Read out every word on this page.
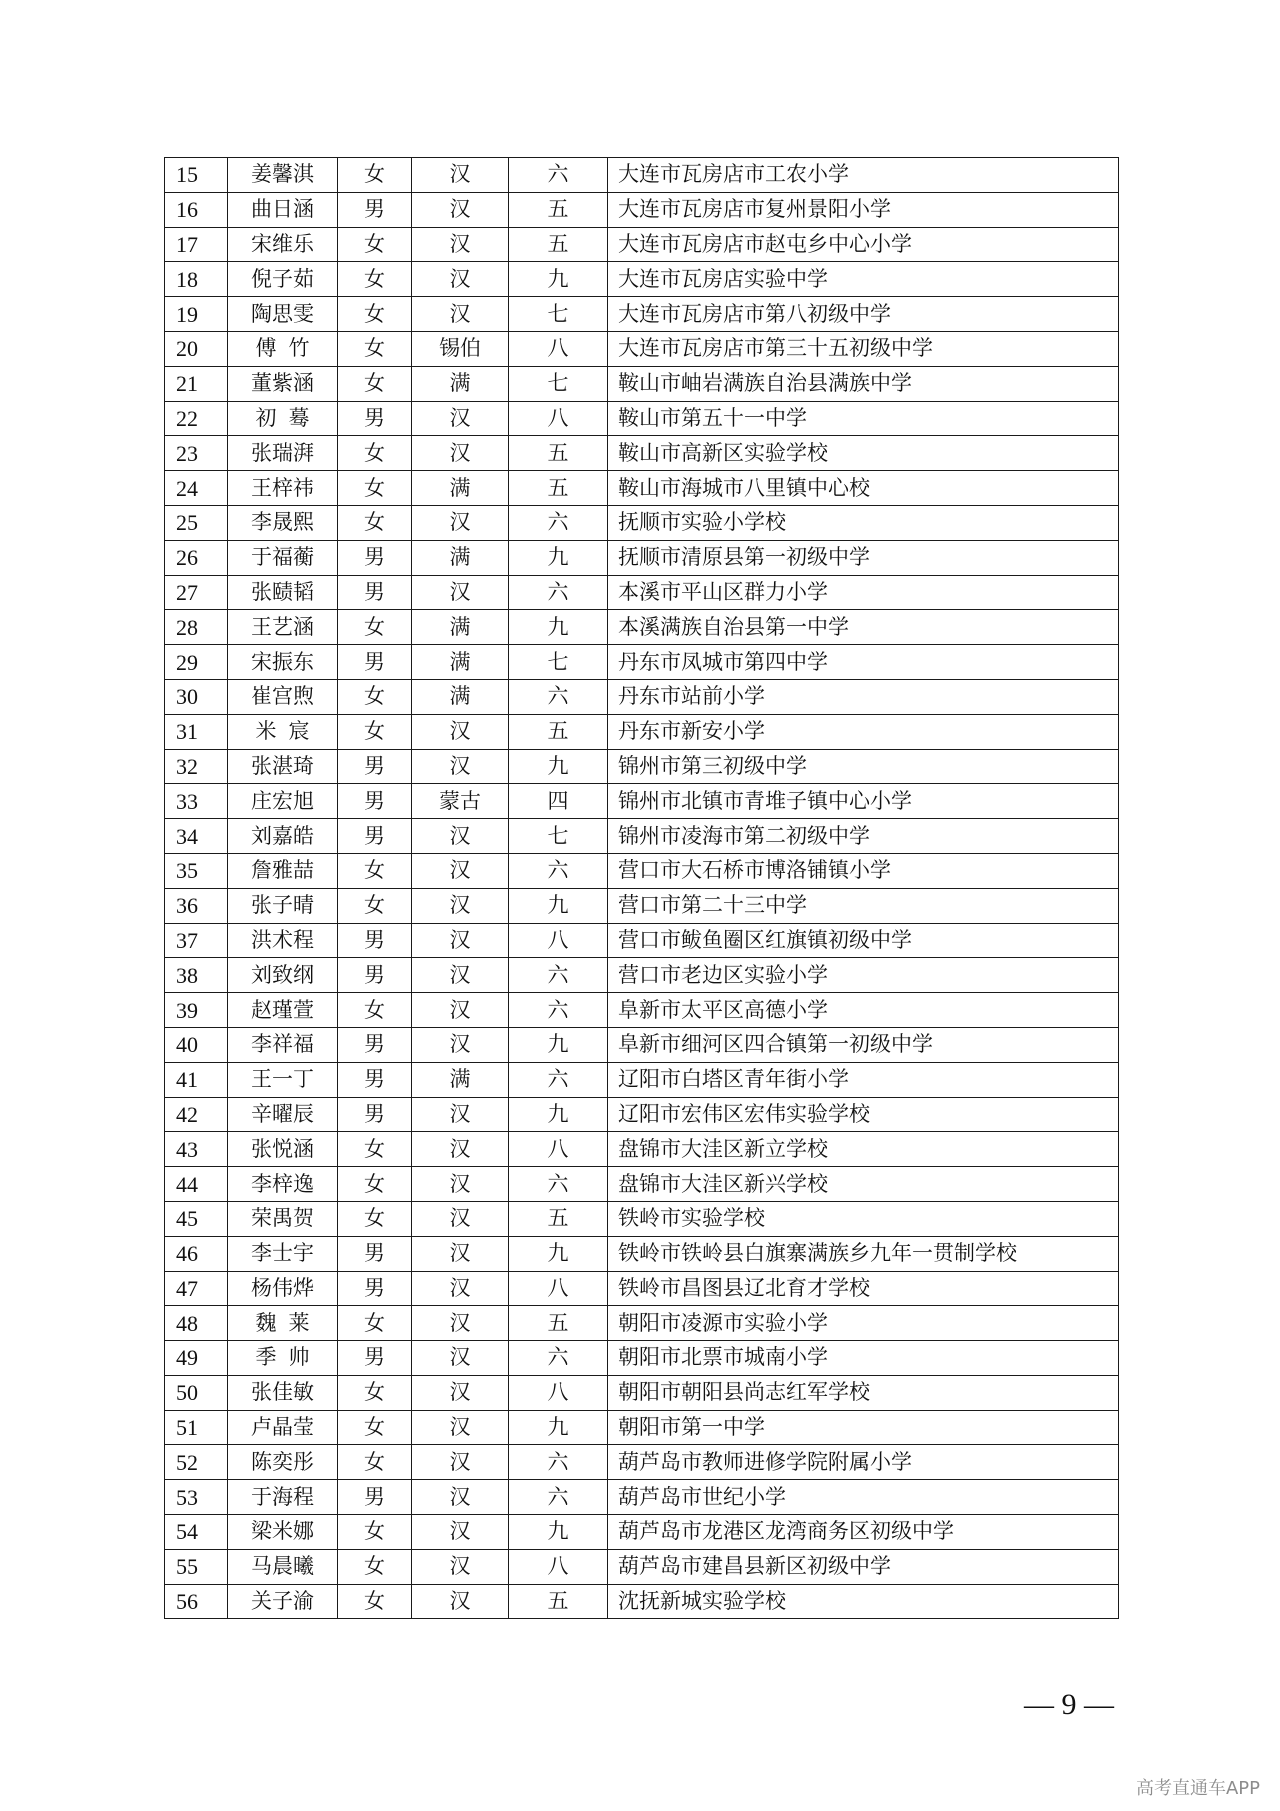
15	姜馨淇	女	汉	六	大连市瓦房店市工农小学
16	曲日涵	男	汉	五	大连市瓦房店市复州景阳小学
17	宋维乐	女	汉	五	大连市瓦房店市赵屯乡中心小学
18	倪子茹	女	汉	九	大连市瓦房店实验中学
19	陶思雯	女	汉	七	大连市瓦房店市第八初级中学
20	傅竹	女	锡伯	八	大连市瓦房店市第三十五初级中学
21	董紫涵	女	满	七	鞍山市岫岩满族自治县满族中学
22	初蓦	男	汉	八	鞍山市第五十一中学
23	张瑞湃	女	汉	五	鞍山市高新区实验学校
24	王梓祎	女	满	五	鞍山市海城市八里镇中心校
25	李晟熙	女	汉	六	抚顺市实验小学校
26	于福蘅	男	满	九	抚顺市清原县第一初级中学
27	张赜韬	男	汉	六	本溪市平山区群力小学
28	王艺涵	女	满	九	本溪满族自治县第一中学
29	宋振东	男	满	七	丹东市凤城市第四中学
30	崔宫煦	女	满	六	丹东市站前小学
31	米宸	女	汉	五	丹东市新安小学
32	张湛琦	男	汉	九	锦州市第三初级中学
33	庄宏旭	男	蒙古	四	锦州市北镇市青堆子镇中心小学
34	刘嘉皓	男	汉	七	锦州市凌海市第二初级中学
35	詹雅喆	女	汉	六	营口市大石桥市博洛铺镇小学
36	张子晴	女	汉	九	营口市第二十三中学
37	洪术程	男	汉	八	营口市鲅鱼圈区红旗镇初级中学
38	刘致纲	男	汉	六	营口市老边区实验小学
39	赵瑾萱	女	汉	六	阜新市太平区高德小学
40	李祥福	男	汉	九	阜新市细河区四合镇第一初级中学
41	王一丁	男	满	六	辽阳市白塔区青年街小学
42	辛曜辰	男	汉	九	辽阳市宏伟区宏伟实验学校
43	张悦涵	女	汉	八	盘锦市大洼区新立学校
44	李梓逸	女	汉	六	盘锦市大洼区新兴学校
45	荣禺贺	女	汉	五	铁岭市实验学校
46	李士宇	男	汉	九	铁岭市铁岭县白旗寨满族乡九年一贯制学校
47	杨伟烨	男	汉	八	铁岭市昌图县辽北育才学校
48	魏莱	女	汉	五	朝阳市凌源市实验小学
49	季帅	男	汉	六	朝阳市北票市城南小学
50	张佳敏	女	汉	八	朝阳市朝阳县尚志红军学校
51	卢晶莹	女	汉	九	朝阳市第一中学
52	陈奕彤	女	汉	六	葫芦岛市教师进修学院附属小学
53	于海程	男	汉	六	葫芦岛市世纪小学
54	梁米娜	女	汉	九	葫芦岛市龙港区龙湾商务区初级中学
55	马晨曦	女	汉	八	葫芦岛市建昌县新区初级中学
56	关子渝	女	汉	五	沈抚新城实验学校
— 9 —
高考直通车APP
